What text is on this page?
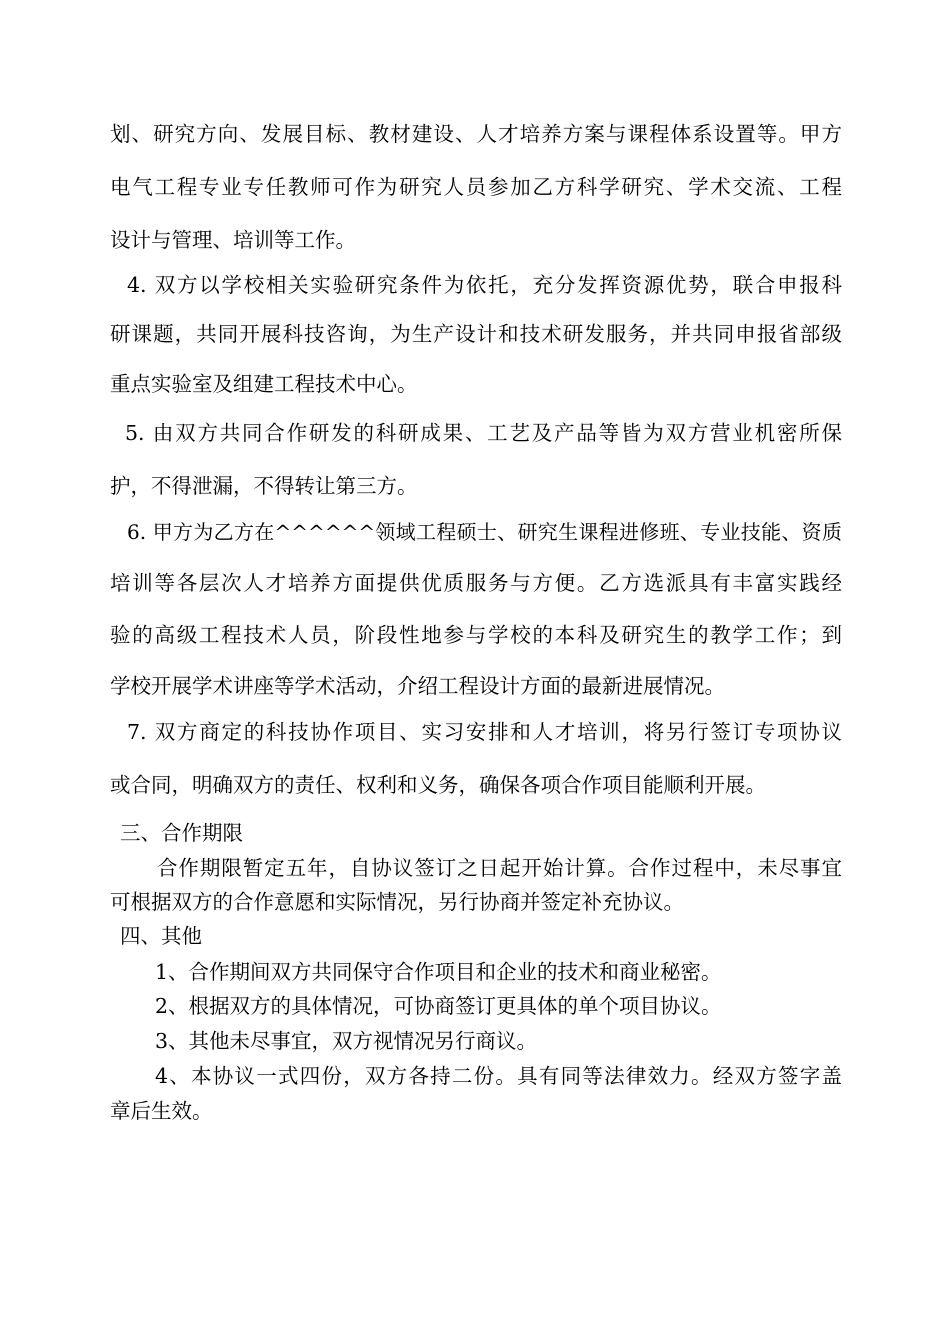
划、研究方向、发展目标、教材建设、人才培养方案与课程体系设置等。甲方
电气工程专业专任教师可作为研究人员参加乙方科学研究、学术交流、工程
设计与管理、培训等工作。
4. 双方以学校相关实验研究条件为依托，充分发挥资源优势，联合申报科
研课题，共同开展科技咨询，为生产设计和技术研发服务，并共同申报省部级
重点实验室及组建工程技术中心。
5. 由双方共同合作研发的科研成果、工艺及产品等皆为双方营业机密所保
护，不得泄漏，不得转让第三方。
6. 甲方为乙方在^^^^^^领域工程硕士、研究生课程进修班、专业技能、资质
培训等各层次人才培养方面提供优质服务与方便。乙方选派具有丰富实践经
验的高级工程技术人员，阶段性地参与学校的本科及研究生的教学工作；到
学校开展学术讲座等学术活动，介绍工程设计方面的最新进展情况。
7. 双方商定的科技协作项目、实习安排和人才培训，将另行签订专项协议
或合同，明确双方的责任、权利和义务，确保各项合作项目能顺利开展。
三、合作期限
合作期限暂定五年，自协议签订之日起开始计算。合作过程中，未尽事宜
可根据双方的合作意愿和实际情况，另行协商并签定补充协议。
四、其他
1、合作期间双方共同保守合作项目和企业的技术和商业秘密。
2、根据双方的具体情况，可协商签订更具体的单个项目协议。
3、其他未尽事宜，双方视情况另行商议。
4、本协议一式四份，双方各持二份。具有同等法律效力。经双方签字盖
章后生效。
